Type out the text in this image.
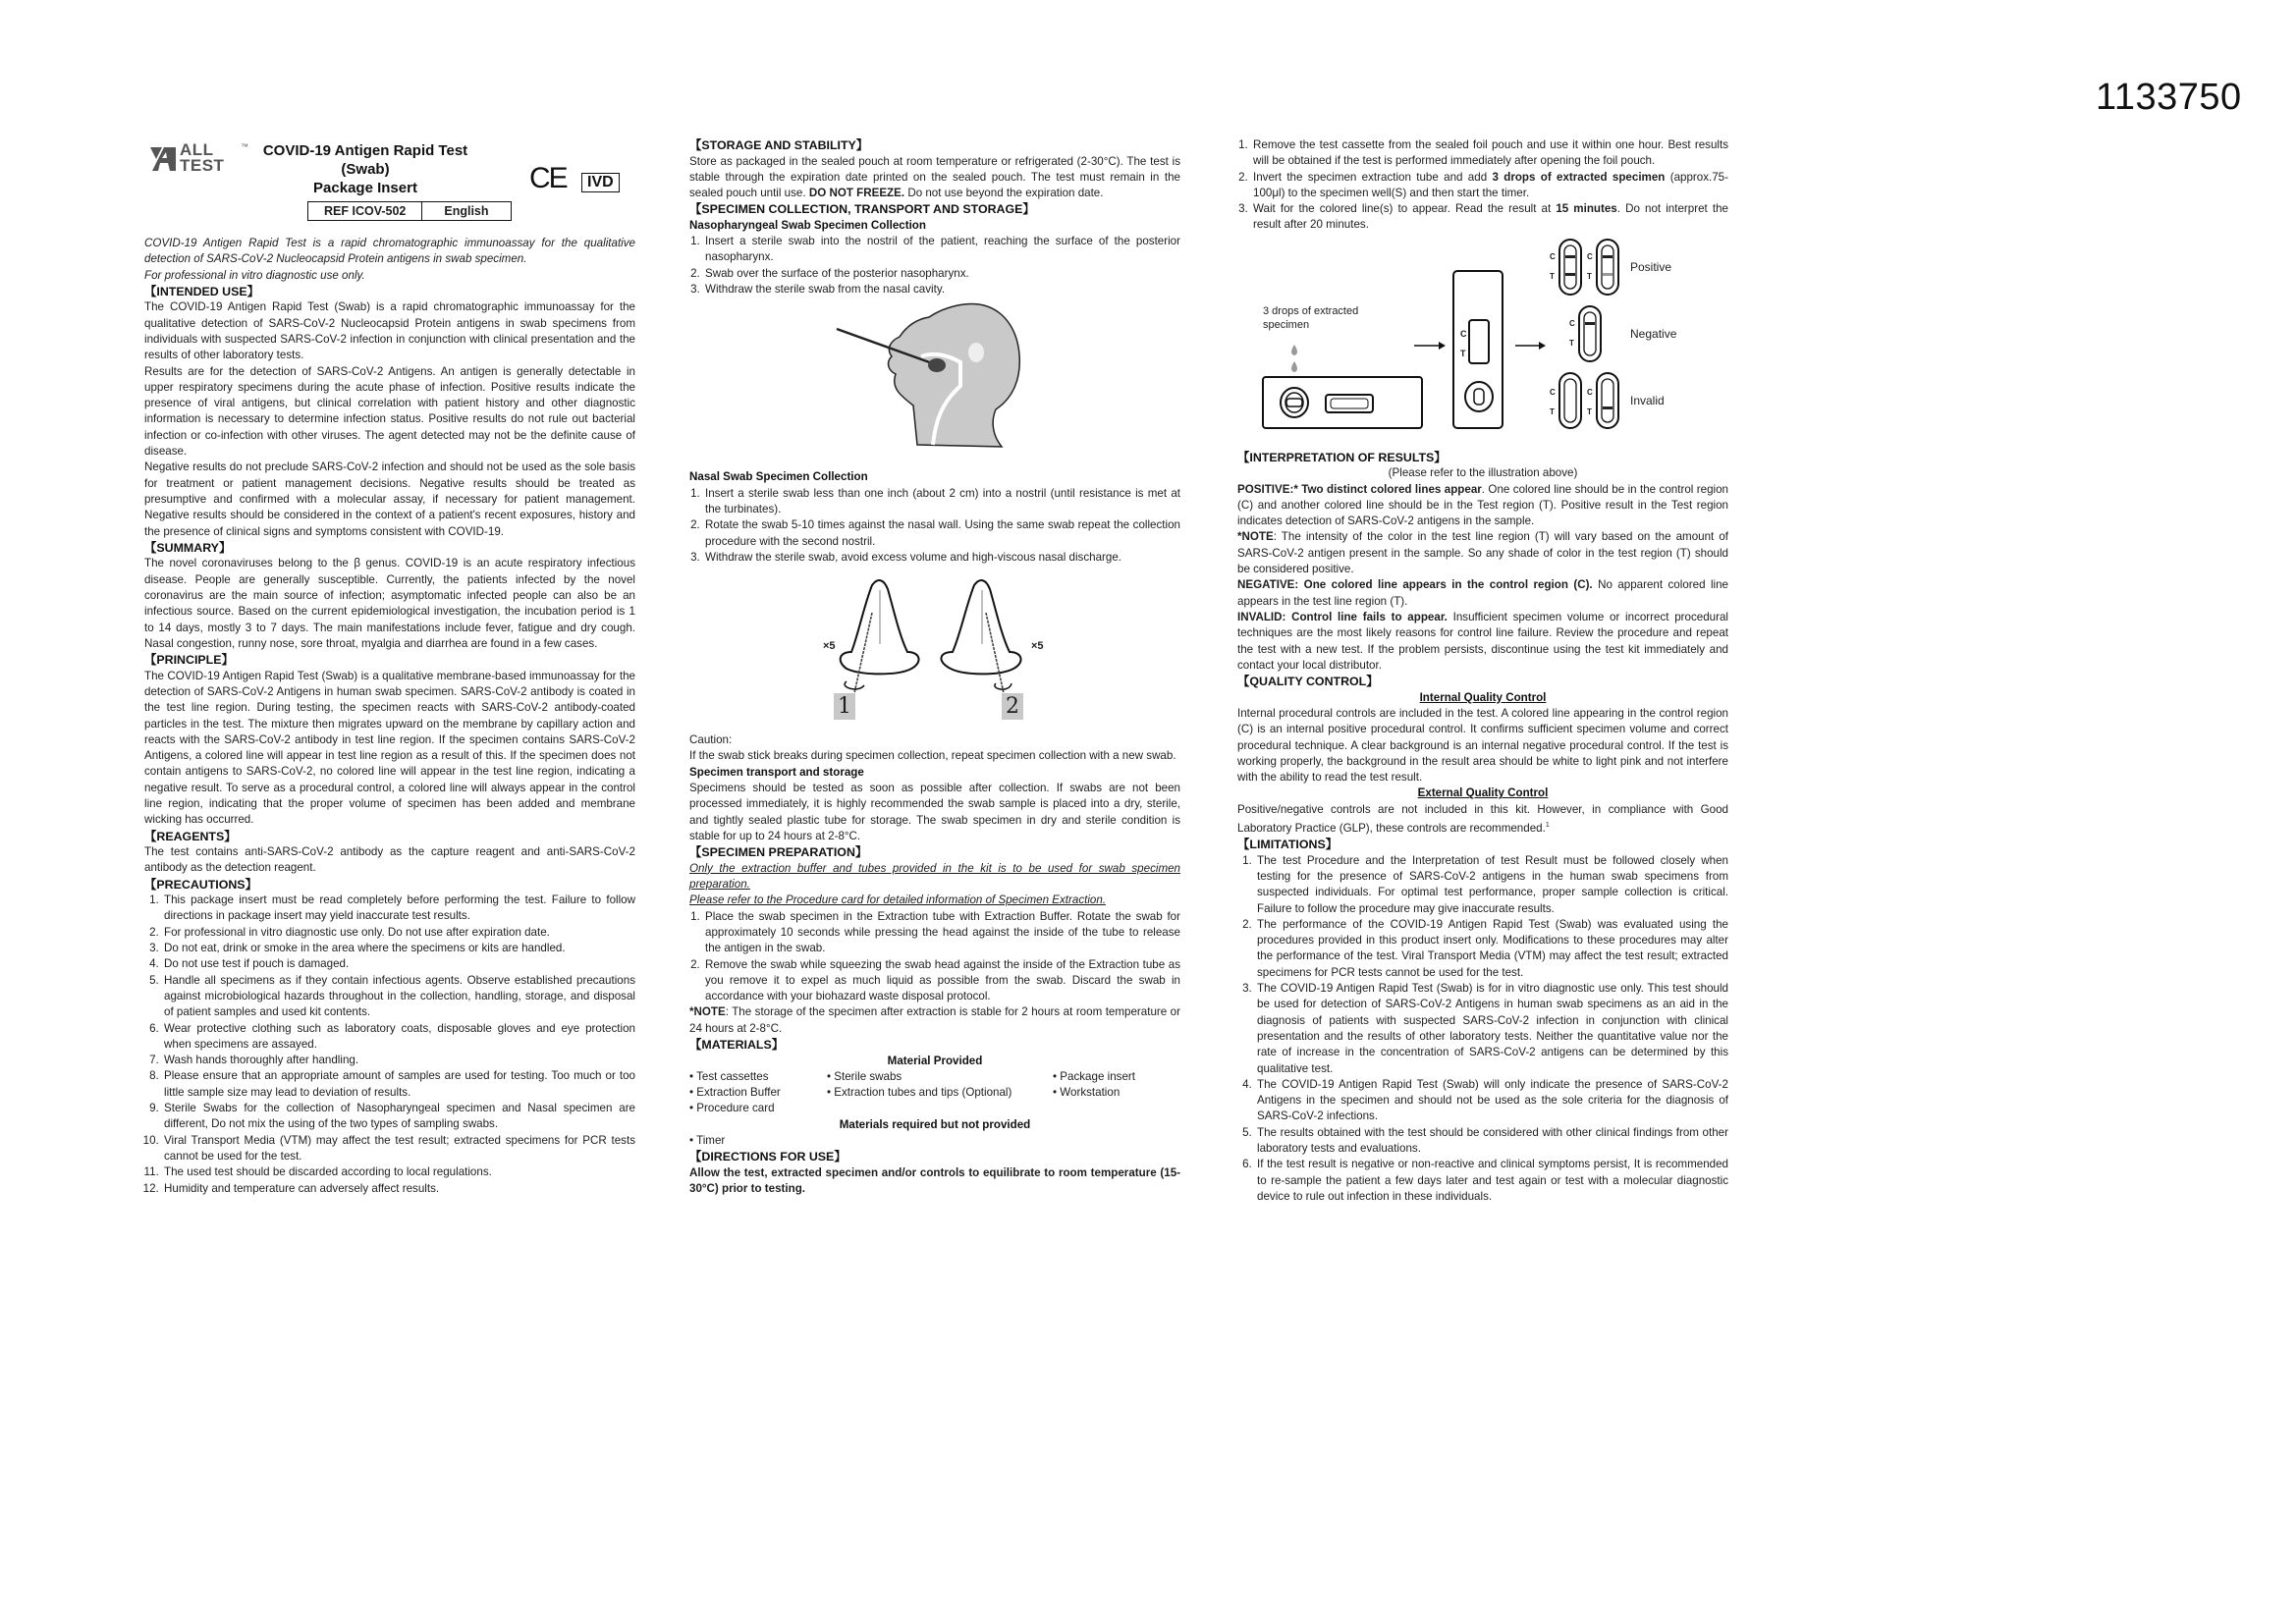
1133750
ALL
TEST
™ COVID-19 Antigen Rapid Test
(Swab)
Package Insert	CE	IVD
REF ICOV-502	English

COVID-19 Antigen Rapid Test is a rapid chromatographic immunoassay for the qualitative detection of SARS-CoV-2 Nucleocapsid Protein antigens in swab specimen.

For professional in vitro diagnostic use only.

【INTENDED USE】

The COVID-19 Antigen Rapid Test (Swab) is a rapid chromatographic immunoassay for the qualitative detection of SARS-CoV-2 Nucleocapsid Protein antigens in swab specimens from individuals with suspected SARS-CoV-2 infection in conjunction with clinical presentation and the results of other laboratory tests.

Results are for the detection of SARS-CoV-2 Antigens. An antigen is generally detectable in upper respiratory specimens during the acute phase of infection. Positive results indicate the presence of viral antigens, but clinical correlation with patient history and other diagnostic information is necessary to determine infection status. Positive results do not rule out bacterial infection or co-infection with other viruses. The agent detected may not be the definite cause of disease.

Negative results do not preclude SARS-CoV-2 infection and should not be used as the sole basis for treatment or patient management decisions. Negative results should be treated as presumptive and confirmed with a molecular assay, if necessary for patient management. Negative results should be considered in the context of a patient's recent exposures, history and the presence of clinical signs and symptoms consistent with COVID-19.

【SUMMARY】

The novel coronaviruses belong to the β genus. COVID-19 is an acute respiratory infectious disease. People are generally susceptible. Currently, the patients infected by the novel coronavirus are the main source of infection; asymptomatic infected people can also be an infectious source. Based on the current epidemiological investigation, the incubation period is 1 to 14 days, mostly 3 to 7 days. The main manifestations include fever, fatigue and dry cough. Nasal congestion, runny nose, sore throat, myalgia and diarrhea are found in a few cases.

【PRINCIPLE】

The COVID-19 Antigen Rapid Test (Swab) is a qualitative membrane-based immunoassay for the detection of SARS-CoV-2 Antigens in human swab specimen. SARS-CoV-2 antibody is coated in the test line region. During testing, the specimen reacts with SARS-CoV-2 antibody-coated particles in the test. The mixture then migrates upward on the membrane by capillary action and reacts with the SARS-CoV-2 antibody in test line region. If the specimen contains SARS-CoV-2 Antigens, a colored line will appear in test line region as a result of this. If the specimen does not contain antigens to SARS-CoV-2, no colored line will appear in the test line region, indicating a negative result. To serve as a procedural control, a colored line will always appear in the control line region, indicating that the proper volume of specimen has been added and membrane wicking has occurred.

【REAGENTS】

The test contains anti-SARS-CoV-2 antibody as the capture reagent and anti-SARS-CoV-2 antibody as the detection reagent.

【PRECAUTIONS】
1. This package insert must be read completely before performing the test. Failure to follow directions in package insert may yield inaccurate test results.
2. For professional in vitro diagnostic use only. Do not use after expiration date.
3. Do not eat, drink or smoke in the area where the specimens or kits are handled.
4. Do not use test if pouch is damaged.
5. Handle all specimens as if they contain infectious agents. Observe established precautions against microbiological hazards throughout in the collection, handling, storage, and disposal of patient samples and used kit contents.
6. Wear protective clothing such as laboratory coats, disposable gloves and eye protection when specimens are assayed.
7. Wash hands thoroughly after handling.
8. Please ensure that an appropriate amount of samples are used for testing. Too much or too little sample size may lead to deviation of results.
9. Sterile Swabs for the collection of Nasopharyngeal specimen and Nasal specimen are different, Do not mix the using of the two types of sampling swabs.
10. Viral Transport Media (VTM) may affect the test result; extracted specimens for PCR tests cannot be used for the test.
11. The used test should be discarded according to local regulations.
12. Humidity and temperature can adversely affect results.
【STORAGE AND STABILITY】

Store as packaged in the sealed pouch at room temperature or refrigerated (2-30°C). The test is stable through the expiration date printed on the sealed pouch. The test must remain in the sealed pouch until use. DO NOT FREEZE. Do not use beyond the expiration date.

【SPECIMEN COLLECTION, TRANSPORT AND STORAGE】
Nasopharyngeal Swab Specimen Collection
1. Insert a sterile swab into the nostril of the patient, reaching the surface of the posterior nasopharynx.
2. Swab over the surface of the posterior nasopharynx.
3. Withdraw the sterile swab from the nasal cavity.
Nasal Swab Specimen Collection
1. Insert a sterile swab less than one inch (about 2 cm) into a nostril (until resistance is met at the turbinates).
2. Rotate the swab 5-10 times against the nasal wall. Using the same swab repeat the collection procedure with the second nostril.
3. Withdraw the sterile swab, avoid excess volume and high-viscous nasal discharge.
×5	×5
1	2

Caution:

If the swab stick breaks during specimen collection, repeat specimen collection with a new swab.

Specimen transport and storage

Specimens should be tested as soon as possible after collection. If swabs are not been processed immediately, it is highly recommended the swab sample is placed into a dry, sterile, and tightly sealed plastic tube for storage. The swab specimen in dry and sterile condition is stable for up to 24 hours at 2-8°C.

【SPECIMEN PREPARATION】

Only the extraction buffer and tubes provided in the kit is to be used for swab specimen preparation.

Please refer to the Procedure card for detailed information of Specimen Extraction.

1. Place the swab specimen in the Extraction tube with Extraction Buffer. Rotate the swab for approximately 10 seconds while pressing the head against the inside of the tube to release the antigen in the swab.
2. Remove the swab while squeezing the swab head against the inside of the Extraction tube as you remove it to expel as much liquid as possible from the swab. Discard the swab in accordance with your biohazard waste disposal protocol.

*NOTE: The storage of the specimen after extraction is stable for 2 hours at room temperature or 24 hours at 2-8°C.

【MATERIALS】
Material Provided
• Test cassettes	• Sterile swabs	• Package insert
• Extraction Buffer	• Extraction tubes and tips (Optional)	• Workstation
• Procedure card
Materials required but not provided

• Timer

【DIRECTIONS FOR USE】

Allow the test, extracted specimen and/or controls to equilibrate to room temperature (15-30°C) prior to testing.

1. Remove the test cassette from the sealed foil pouch and use it within one hour. Best results will be obtained if the test is performed immediately after opening the foil pouch.
2. Invert the specimen extraction tube and add 3 drops of extracted specimen (approx.75-100μl) to the specimen well(S) and then start the timer.
3. Wait for the colored line(s) to appear. Read the result at 15 minutes. Do not interpret the result after 20 minutes.
3 drops of extracted
specimen
C
T
C
T
C
T
C
T
C
T
C
T
Positive
Negative
Invalid
【INTERPRETATION OF RESULTS】

(Please refer to the illustration above)

POSITIVE:* Two distinct colored lines appear. One colored line should be in the control region (C) and another colored line should be in the Test region (T). Positive result in the Test region indicates detection of SARS-CoV-2 antigens in the sample.

*NOTE: The intensity of the color in the test line region (T) will vary based on the amount of SARS-CoV-2 antigen present in the sample. So any shade of color in the test region (T) should be considered positive.

NEGATIVE: One colored line appears in the control region (C). No apparent colored line appears in the test line region (T).

INVALID: Control line fails to appear. Insufficient specimen volume or incorrect procedural techniques are the most likely reasons for control line failure. Review the procedure and repeat the test with a new test. If the problem persists, discontinue using the test kit immediately and contact your local distributor.

【QUALITY CONTROL】
Internal Quality Control

Internal procedural controls are included in the test. A colored line appearing in the control region (C) is an internal positive procedural control. It confirms sufficient specimen volume and correct procedural technique. A clear background is an internal negative procedural control. If the test is working properly, the background in the result area should be white to light pink and not interfere with the ability to read the test result.

External Quality Control

Positive/negative controls are not included in this kit. However, in compliance with Good Laboratory Practice (GLP), these controls are recommended.$^1$

【LIMITATIONS】
1. The test Procedure and the Interpretation of test Result must be followed closely when testing for the presence of SARS-CoV-2 antigens in the human swab specimens from suspected individuals. For optimal test performance, proper sample collection is critical. Failure to follow the procedure may give inaccurate results.
2. The performance of the COVID-19 Antigen Rapid Test (Swab) was evaluated using the procedures provided in this product insert only. Modifications to these procedures may alter the performance of the test. Viral Transport Media (VTM) may affect the test result; extracted specimens for PCR tests cannot be used for the test.
3. The COVID-19 Antigen Rapid Test (Swab) is for in vitro diagnostic use only. This test should be used for detection of SARS-CoV-2 Antigens in human swab specimens as an aid in the diagnosis of patients with suspected SARS-CoV-2 infection in conjunction with clinical presentation and the results of other laboratory tests. Neither the quantitative value nor the rate of increase in the concentration of SARS-CoV-2 antigens can be determined by this qualitative test.
4. The COVID-19 Antigen Rapid Test (Swab) will only indicate the presence of SARS-CoV-2 Antigens in the specimen and should not be used as the sole criteria for the diagnosis of SARS-CoV-2 infections.
5. The results obtained with the test should be considered with other clinical findings from other laboratory tests and evaluations.
6. If the test result is negative or non-reactive and clinical symptoms persist, It is recommended to re-sample the patient a few days later and test again or test with a molecular diagnostic device to rule out infection in these individuals.
